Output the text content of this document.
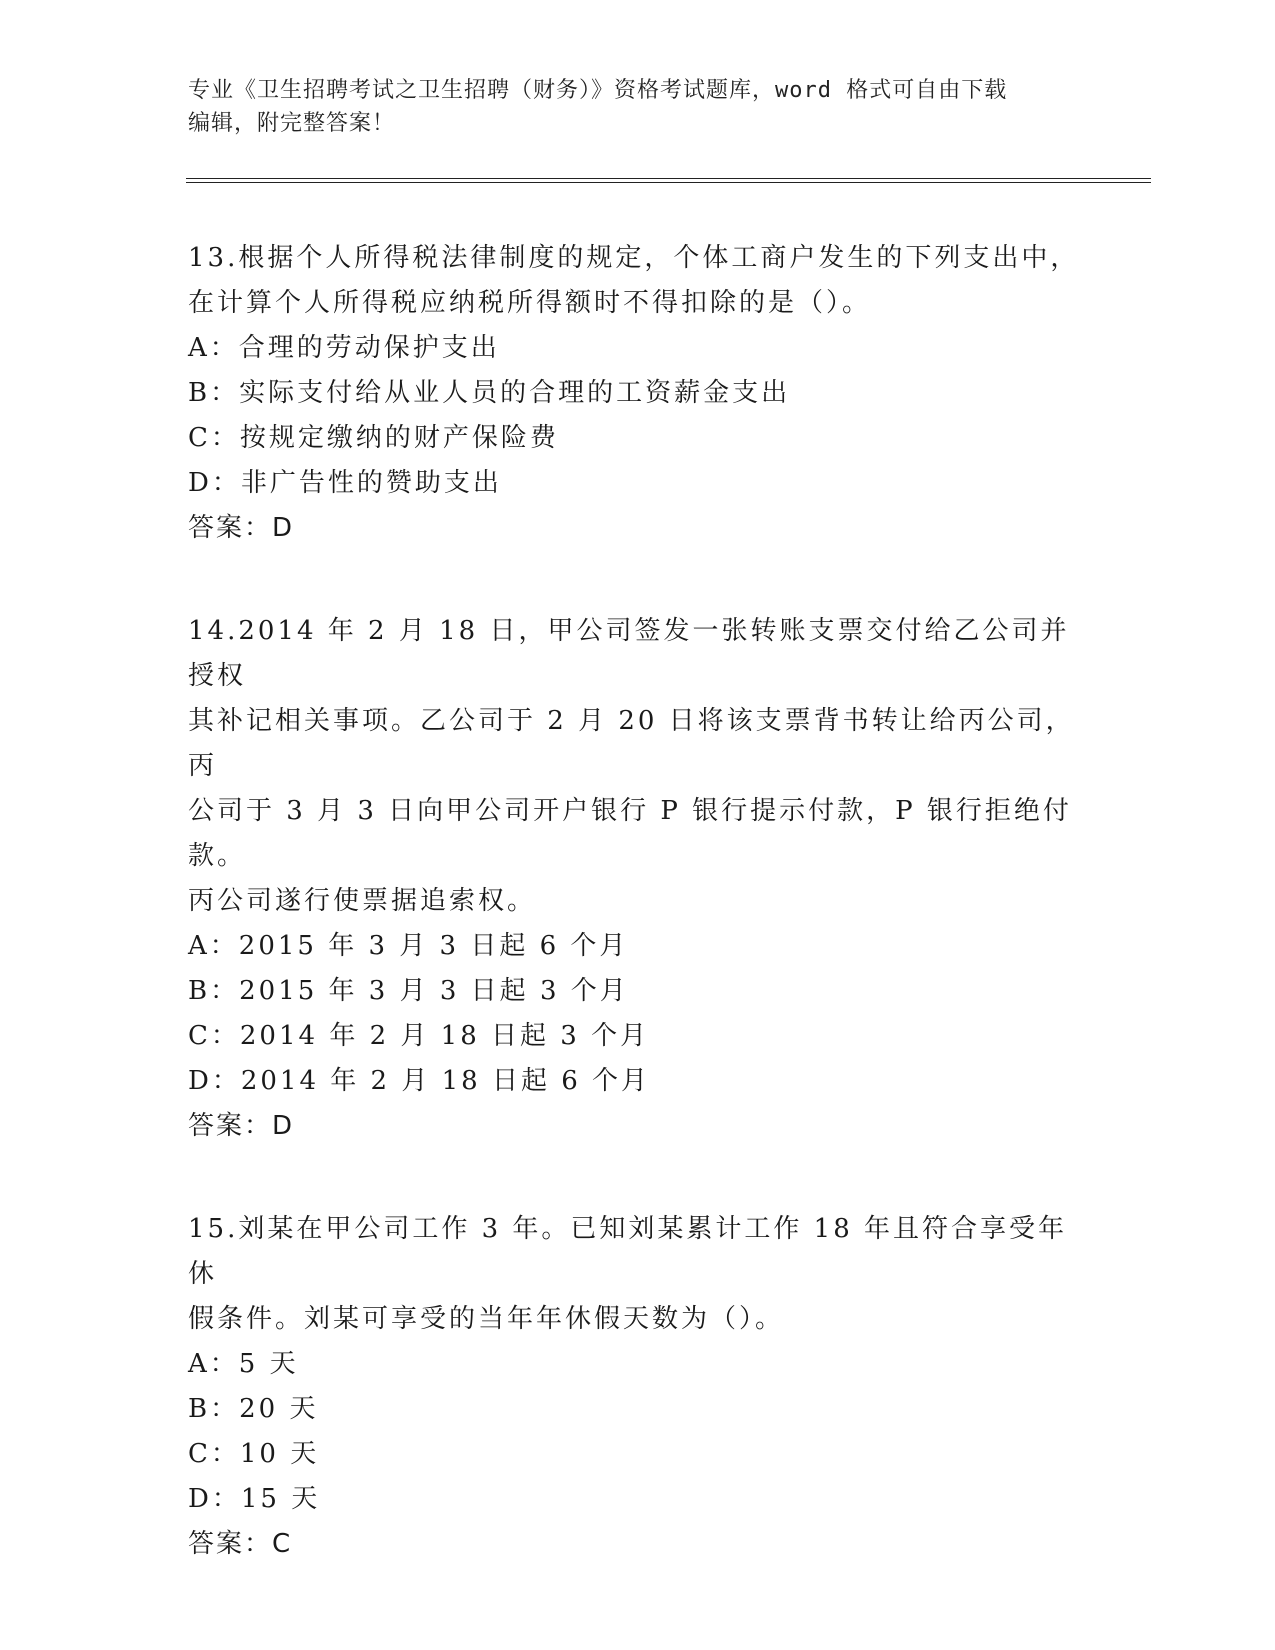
专业《卫生招聘考试之卫生招聘（财务）》资格考试题库，word 格式可自由下载
编辑，附完整答案！

13.根据个人所得税法律制度的规定，个体工商户发生的下列支出中，

在计算个人所得税应纳税所得额时不得扣除的是（）。

A：合理的劳动保护支出

B：实际支付给从业人员的合理的工资薪金支出

C：按规定缴纳的财产保险费

D：非广告性的赞助支出

答案：D

14.2014 年 2 月 18 日，甲公司签发一张转账支票交付给乙公司并授权

其补记相关事项。乙公司于 2 月 20 日将该支票背书转让给丙公司，丙

公司于 3 月 3 日向甲公司开户银行 P 银行提示付款，P 银行拒绝付款。

丙公司遂行使票据追索权。

A：2015 年 3 月 3 日起 6 个月

B：2015 年 3 月 3 日起 3 个月

C：2014 年 2 月 18 日起 3 个月

D：2014 年 2 月 18 日起 6 个月

答案：D

15.刘某在甲公司工作 3 年。已知刘某累计工作 18 年且符合享受年休

假条件。刘某可享受的当年年休假天数为（）。

A：5 天

B：20 天

C：10 天

D：15 天

答案：C
